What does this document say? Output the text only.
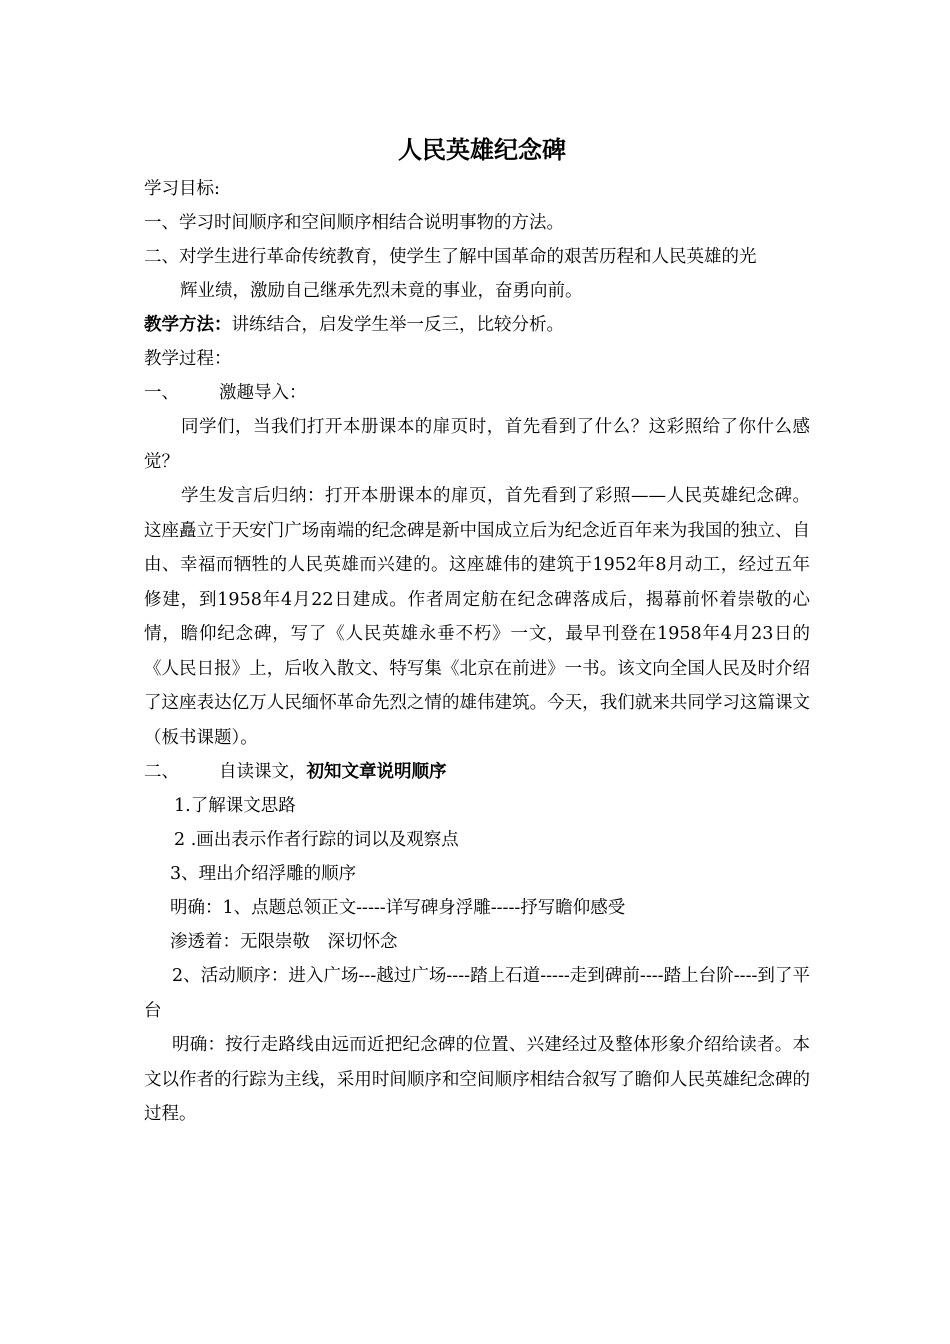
人民英雄纪念碑

学习目标:

一、学习时间顺序和空间顺序相结合说明事物的方法。

二、对学生进行革命传统教育，使学生了解中国革命的艰苦历程和人民英雄的光

辉业绩，激励自己继承先烈未竟的事业，奋勇向前。

教学方法：讲练结合，启发学生举一反三，比较分析。

教学过程：

一、 激趣导入：

同学们，当我们打开本册课本的扉页时，首先看到了什么？这彩照给了你什么感觉？

学生发言后归纳：打开本册课本的扉页，首先看到了彩照——人民英雄纪念碑。这座矗立于天安门广场南端的纪念碑是新中国成立后为纪念近百年来为我国的独立、自由、幸福而牺牲的人民英雄而兴建的。这座雄伟的建筑于1952年8月动工，经过五年修建，到1958年4月22日建成。作者周定舫在纪念碑落成后，揭幕前怀着崇敬的心情，瞻仰纪念碑，写了《人民英雄永垂不朽》一文，最早刊登在1958年4月23日的《人民日报》上，后收入散文、特写集《北京在前进》一书。该文向全国人民及时介绍了这座表达亿万人民缅怀革命先烈之情的雄伟建筑。今天，我们就来共同学习这篇课文（板书课题）。

二、 自读课文，初知文章说明顺序

1.了解课文思路

2 .画出表示作者行踪的词以及观察点

3、理出介绍浮雕的顺序

明确：1、点题总领正文-----详写碑身浮雕-----抒写瞻仰感受

渗透着：无限崇敬　深切怀念

2、活动顺序：进入广场---越过广场----踏上石道-----走到碑前----踏上台阶----到了平台

明确：按行走路线由远而近把纪念碑的位置、兴建经过及整体形象介绍给读者。本文以作者的行踪为主线，采用时间顺序和空间顺序相结合叙写了瞻仰人民英雄纪念碑的过程。
